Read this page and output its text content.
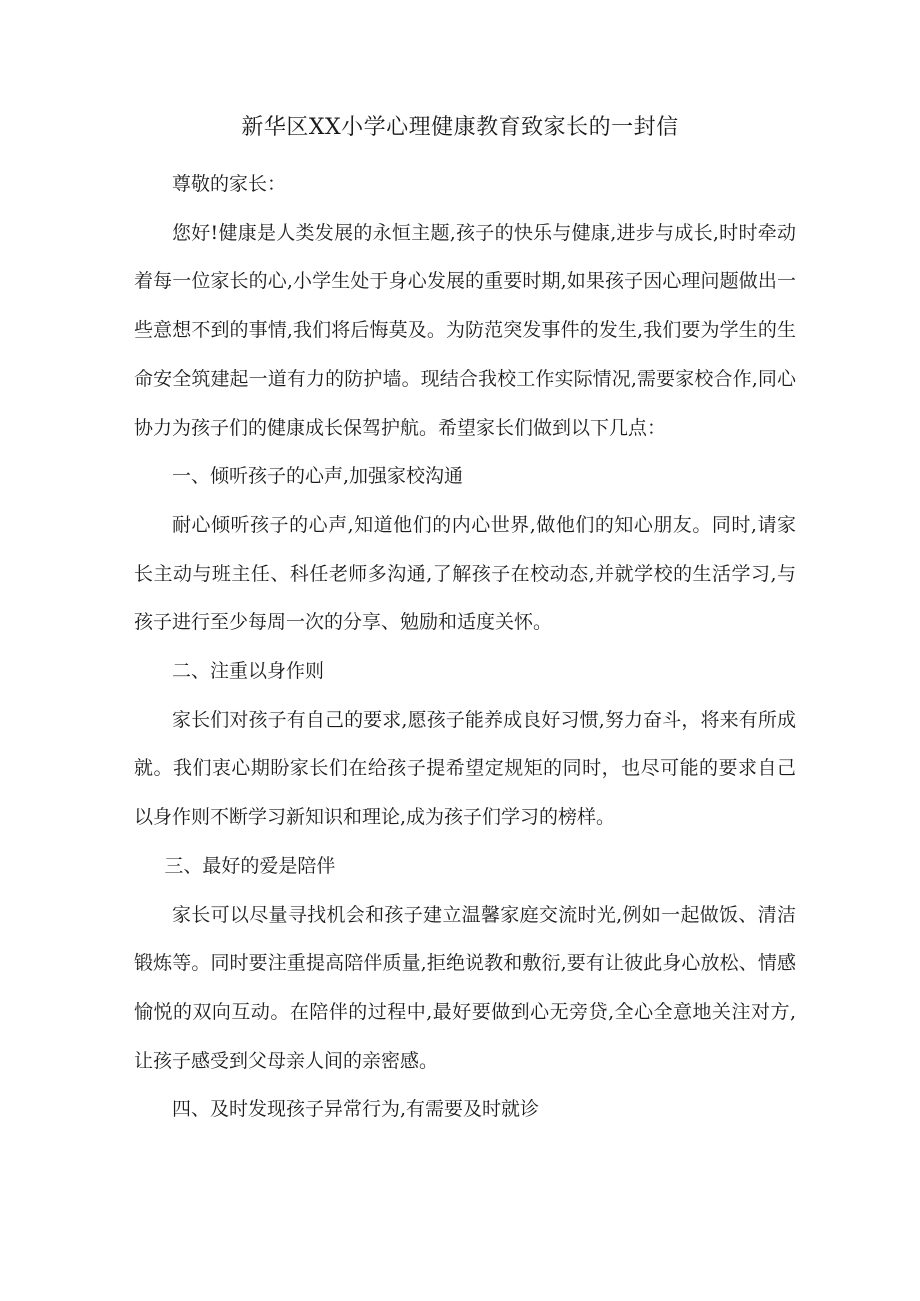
新华区XX小学心理健康教育致家长的一封信

尊敬的家长：

您好!健康是人类发展的永恒主题,孩子的快乐与健康,进步与成长,时时牵动着每一位家长的心,小学生处于身心发展的重要时期,如果孩子因心理问题做出一些意想不到的事情,我们将后悔莫及。为防范突发事件的发生,我们要为学生的生命安全筑建起一道有力的防护墙。现结合我校工作实际情况,需要家校合作,同心协力为孩子们的健康成长保驾护航。希望家长们做到以下几点：

一、倾听孩子的心声,加强家校沟通

耐心倾听孩子的心声,知道他们的内心世界,做他们的知心朋友。同时,请家长主动与班主任、科任老师多沟通,了解孩子在校动态,并就学校的生活学习,与孩子进行至少每周一次的分享、勉励和适度关怀。

二、注重以身作则

家长们对孩子有自己的要求,愿孩子能养成良好习惯,努力奋斗，将来有所成就。我们衷心期盼家长们在给孩子提希望定规矩的同时，也尽可能的要求自己以身作则不断学习新知识和理论,成为孩子们学习的榜样。

三、最好的爱是陪伴

家长可以尽量寻找机会和孩子建立温馨家庭交流时光,例如一起做饭、清洁锻炼等。同时要注重提高陪伴质量,拒绝说教和敷衍,要有让彼此身心放松、情感愉悦的双向互动。在陪伴的过程中,最好要做到心无旁贷,全心全意地关注对方,让孩子感受到父母亲人间的亲密感。

四、及时发现孩子异常行为,有需要及时就诊
